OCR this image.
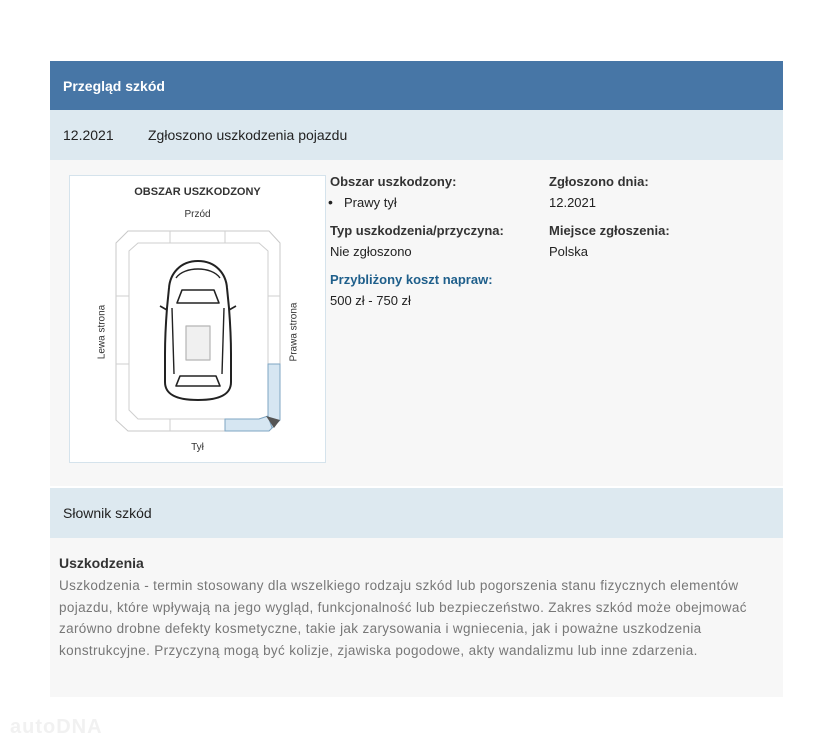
Przegląd szkód
12.2021	Zgłoszono uszkodzenia pojazdu
OBSZAR USZKODZONY
Przód
Tył
Lewa strona	Prawa strona
Obszar uszkodzony:
• Prawy tył
Typ uszkodzenia/przyczyna:
Nie zgłoszono
Przybliżony koszt napraw:
500 zł - 750 zł
Zgłoszono dnia:
12.2021
Miejsce zgłoszenia:
Polska
Słownik szkód
Uszkodzenia
Uszkodzenia - termin stosowany dla wszelkiego rodzaju szkód lub pogorszenia stanu fizycznych elementów pojazdu, które wpływają na jego wygląd, funkcjonalność lub bezpieczeństwo. Zakres szkód może obejmować zarówno drobne defekty kosmetyczne, takie jak zarysowania i wgniecenia, jak i poważne uszkodzenia konstrukcyjne. Przyczyną mogą być kolizje, zjawiska pogodowe, akty wandalizmu lub inne zdarzenia.
autoDNA
